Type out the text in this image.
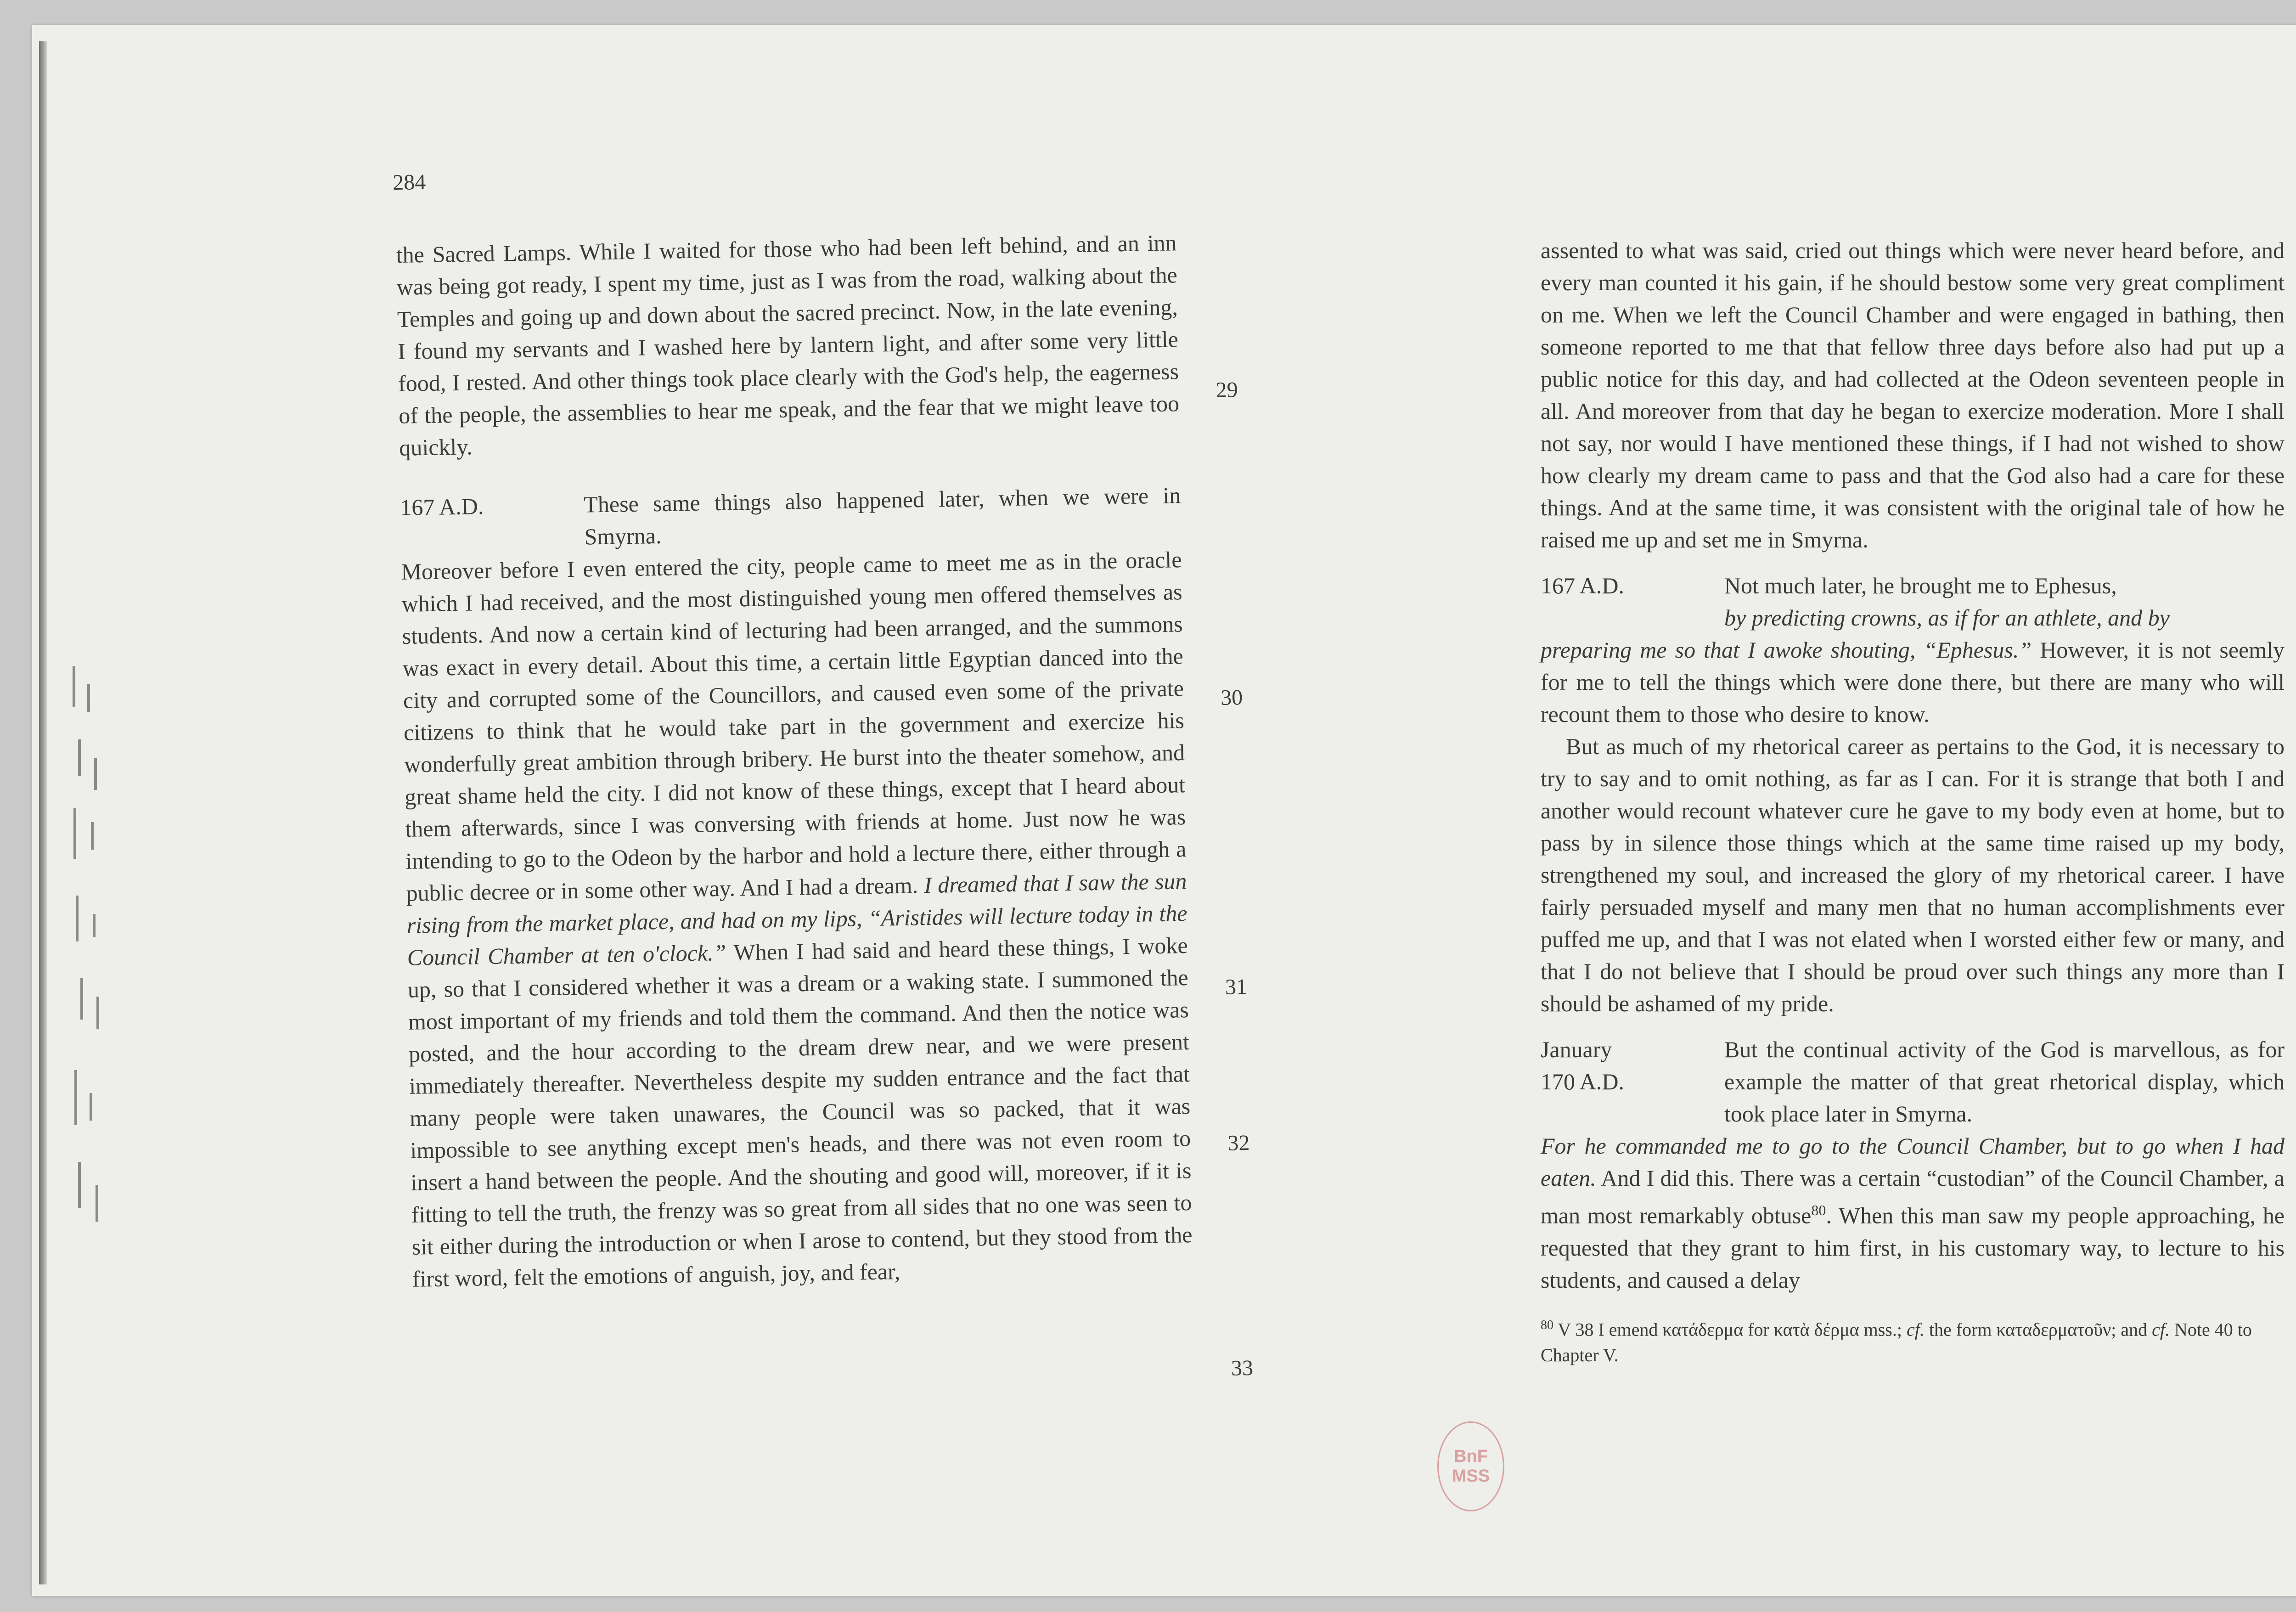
284

the Sacred Lamps. While I waited for those who had been left behind, and an inn was being got ready, I spent my time, just as I was from the road, walking about the Temples and going up and down about the sacred precinct. Now, in the late evening, I found my servants and I washed here by lantern light, and after some very little food, I rested. And other things took place clearly with the God's help, the eagerness of the people, the assemblies to hear me speak, and the fear that we might leave too quickly.

167 A.D.	These same things also happened later, when we were in Smyrna.

Moreover before I even entered the city, people came to meet me as in the oracle which I had received, and the most distinguished young men offered themselves as students. And now a certain kind of lecturing had been arranged, and the summons was exact in every detail. About this time, a certain little Egyptian danced into the city and corrupted some of the Councillors, and caused even some of the private citizens to think that he would take part in the government and exercize his wonderfully great ambition through bribery. He burst into the theater somehow, and great shame held the city. I did not know of these things, except that I heard about them afterwards, since I was conversing with friends at home. Just now he was intending to go to the Odeon by the harbor and hold a lecture there, either through a public decree or in some other way. And I had a dream. I dreamed that I saw the sun rising from the market place, and had on my lips, “Aristides will lecture today in the Council Chamber at ten o'clock.” When I had said and heard these things, I woke up, so that I considered whether it was a dream or a waking state. I summoned the most important of my friends and told them the command. And then the notice was posted, and the hour according to the dream drew near, and we were present immediately thereafter. Nevertheless despite my sudden entrance and the fact that many people were taken unawares, the Council was so packed, that it was impossible to see anything except men's heads, and there was not even room to insert a hand between the people. And the shouting and good will, moreover, if it is fitting to tell the truth, the frenzy was so great from all sides that no one was seen to sit either during the introduction or when I arose to contend, but they stood from the first word, felt the emotions of anguish, joy, and fear,

29
30
31
32
33

assented to what was said, cried out things which were never heard before, and every man counted it his gain, if he should bestow some very great compliment on me. When we left the Council Chamber and were engaged in bathing, then someone reported to me that that fellow three days before also had put up a public notice for this day, and had collected at the Odeon seventeen people in all. And moreover from that day he began to exercize moderation. More I shall not say, nor would I have mentioned these things, if I had not wished to show how clearly my dream came to pass and that the God also had a care for these things. And at the same time, it was consistent with the original tale of how he raised me up and set me in Smyrna.

167 A.D.	Not much later, he brought me to Ephesus,

by predicting crowns, as if for an athlete, and by

preparing me so that I awoke shouting, “Ephesus.” However, it is not seemly for me to tell the things which were done there, but there are many who will recount them to those who desire to know.

But as much of my rhetorical career as pertains to the God, it is necessary to try to say and to omit nothing, as far as I can. For it is strange that both I and another would recount whatever cure he gave to my body even at home, but to pass by in silence those things which at the same time raised up my body, strengthened my soul, and increased the glory of my rhetorical career. I have fairly persuaded myself and many men that no human accomplishments ever puffed me up, and that I was not elated when I worsted either few or many, and that I do not believe that I should be proud over such things any more than I should be ashamed of my pride.

January
170 A.D.

But the continual activity of the God is marvellous, as for example the matter of that great rhetorical display, which took place later in Smyrna.

For he commanded me to go to the Council Chamber, but to go when I had eaten. And I did this. There was a certain “custodian” of the Council Chamber, a man most remarkably obtuse$^{80}$. When this man saw my people approaching, he requested that they grant to him first, in his customary way, to lecture to his students, and caused a delay

$^{80}$ V 38 I emend κατάδερμα for κατὰ δέρμα mss.; cf. the form καταδερματοῦν; and cf. Note 40 to Chapter V.

BnF
MSS
